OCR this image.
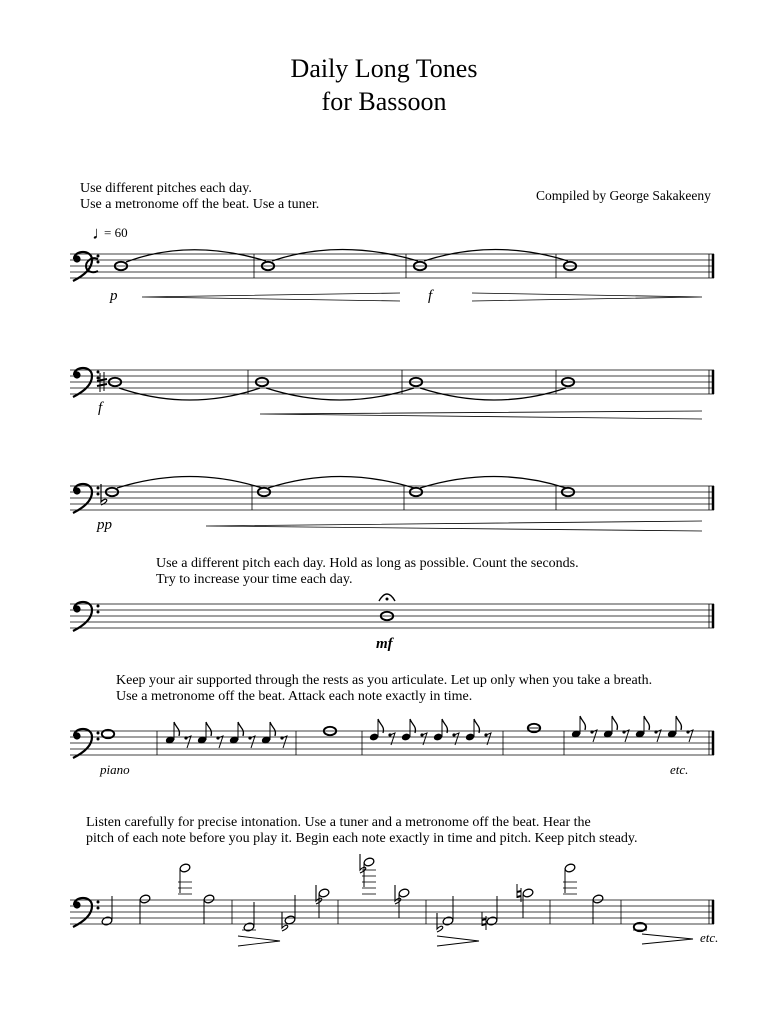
Daily Long Tones
for Bassoon
Use different pitches each day.
Use a metronome off the beat. Use a tuner.
Compiled by George Sakakeeny
♩
= 60
p	f
f
pp
Use a different pitch each day. Hold as long as possible. Count the seconds.
Try to increase your time each day.
mf
Keep your air supported through the rests as you articulate. Let up only when you take a breath.
Use a metronome off the beat. Attack each note exactly in time.
piano	etc.
Listen carefully for precise intonation. Use a tuner and a metronome off the beat. Hear the
pitch of each note before you play it. Begin each note exactly in time and pitch. Keep pitch steady.
etc.
